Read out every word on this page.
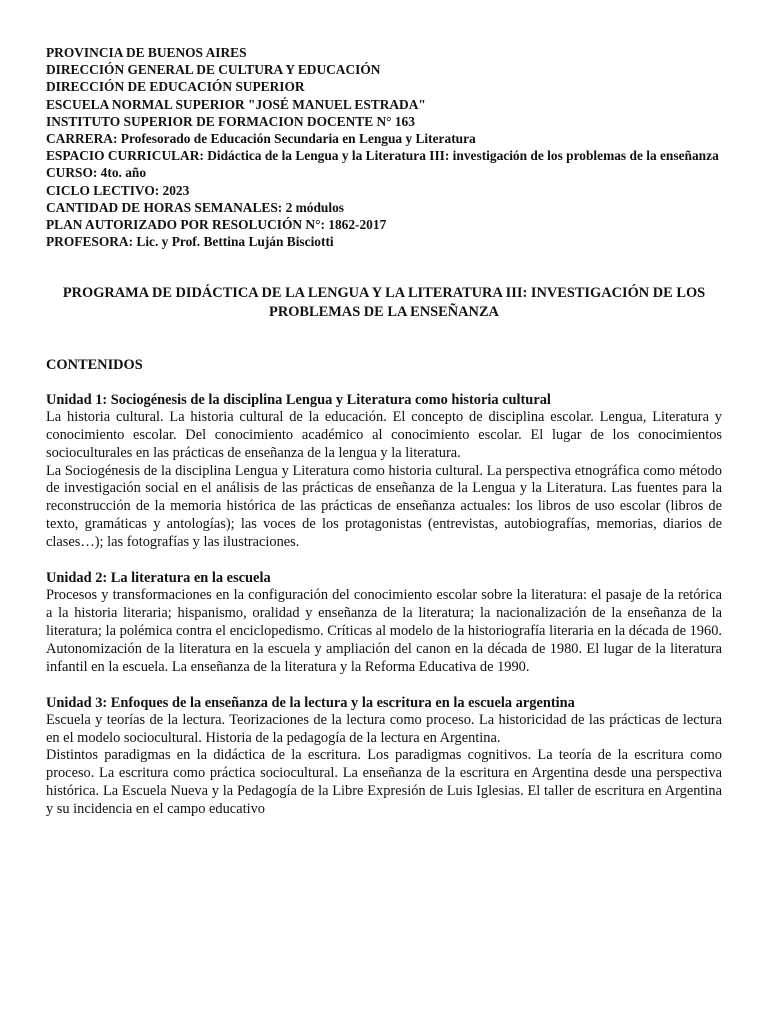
PROVINCIA DE BUENOS AIRES
DIRECCIÓN GENERAL DE CULTURA Y EDUCACIÓN
DIRECCIÓN DE EDUCACIÓN SUPERIOR
ESCUELA NORMAL SUPERIOR "JOSÉ MANUEL ESTRADA"
INSTITUTO SUPERIOR DE FORMACION DOCENTE N° 163
CARRERA: Profesorado de Educación Secundaria en Lengua y Literatura
ESPACIO CURRICULAR: Didáctica de la Lengua y la Literatura III: investigación de los problemas de la enseñanza
CURSO: 4to. año
CICLO LECTIVO: 2023
CANTIDAD DE HORAS SEMANALES: 2 módulos
PLAN AUTORIZADO POR RESOLUCIÓN N°: 1862-2017
PROFESORA: Lic. y Prof. Bettina Luján Bisciotti
PROGRAMA DE DIDÁCTICA DE LA LENGUA Y LA LITERATURA III: INVESTIGACIÓN DE LOS PROBLEMAS DE LA ENSEÑANZA
CONTENIDOS
Unidad 1: Sociogénesis de la disciplina Lengua y Literatura como historia cultural
La historia cultural. La historia cultural de la educación. El concepto de disciplina escolar. Lengua, Literatura y conocimiento escolar. Del conocimiento académico al conocimiento escolar. El lugar de los conocimientos socioculturales en las prácticas de enseñanza de la lengua y la literatura.
La Sociogénesis de la disciplina Lengua y Literatura como historia cultural. La perspectiva etnográfica como método de investigación social en el análisis de las prácticas de enseñanza de la Lengua y la Literatura. Las fuentes para la reconstrucción de la memoria histórica de las prácticas de enseñanza actuales: los libros de uso escolar (libros de texto, gramáticas y antologías); las voces de los protagonistas (entrevistas, autobiografías, memorias, diarios de clases…); las fotografías y las ilustraciones.
Unidad 2: La literatura en la escuela
Procesos y transformaciones en la configuración del conocimiento escolar sobre la literatura: el pasaje de la retórica a la historia literaria; hispanismo, oralidad y enseñanza de la literatura; la nacionalización de la enseñanza de la literatura; la polémica contra el enciclopedismo. Críticas al modelo de la historiografía literaria en la década de 1960. Autonomización de la literatura en la escuela y ampliación del canon en la década de 1980. El lugar de la literatura infantil en la escuela. La enseñanza de la literatura y la Reforma Educativa de 1990.
Unidad 3: Enfoques de la enseñanza de la lectura y la escritura en la escuela argentina
Escuela y teorías de la lectura. Teorizaciones de la lectura como proceso. La historicidad de las prácticas de lectura en el modelo sociocultural. Historia de la pedagogía de la lectura en Argentina.
Distintos paradigmas en la didáctica de la escritura. Los paradigmas cognitivos. La teoría de la escritura como proceso. La escritura como práctica sociocultural. La enseñanza de la escritura en Argentina desde una perspectiva histórica. La Escuela Nueva y la Pedagogía de la Libre Expresión de Luis Iglesias. El taller de escritura en Argentina y su incidencia en el campo educativo
